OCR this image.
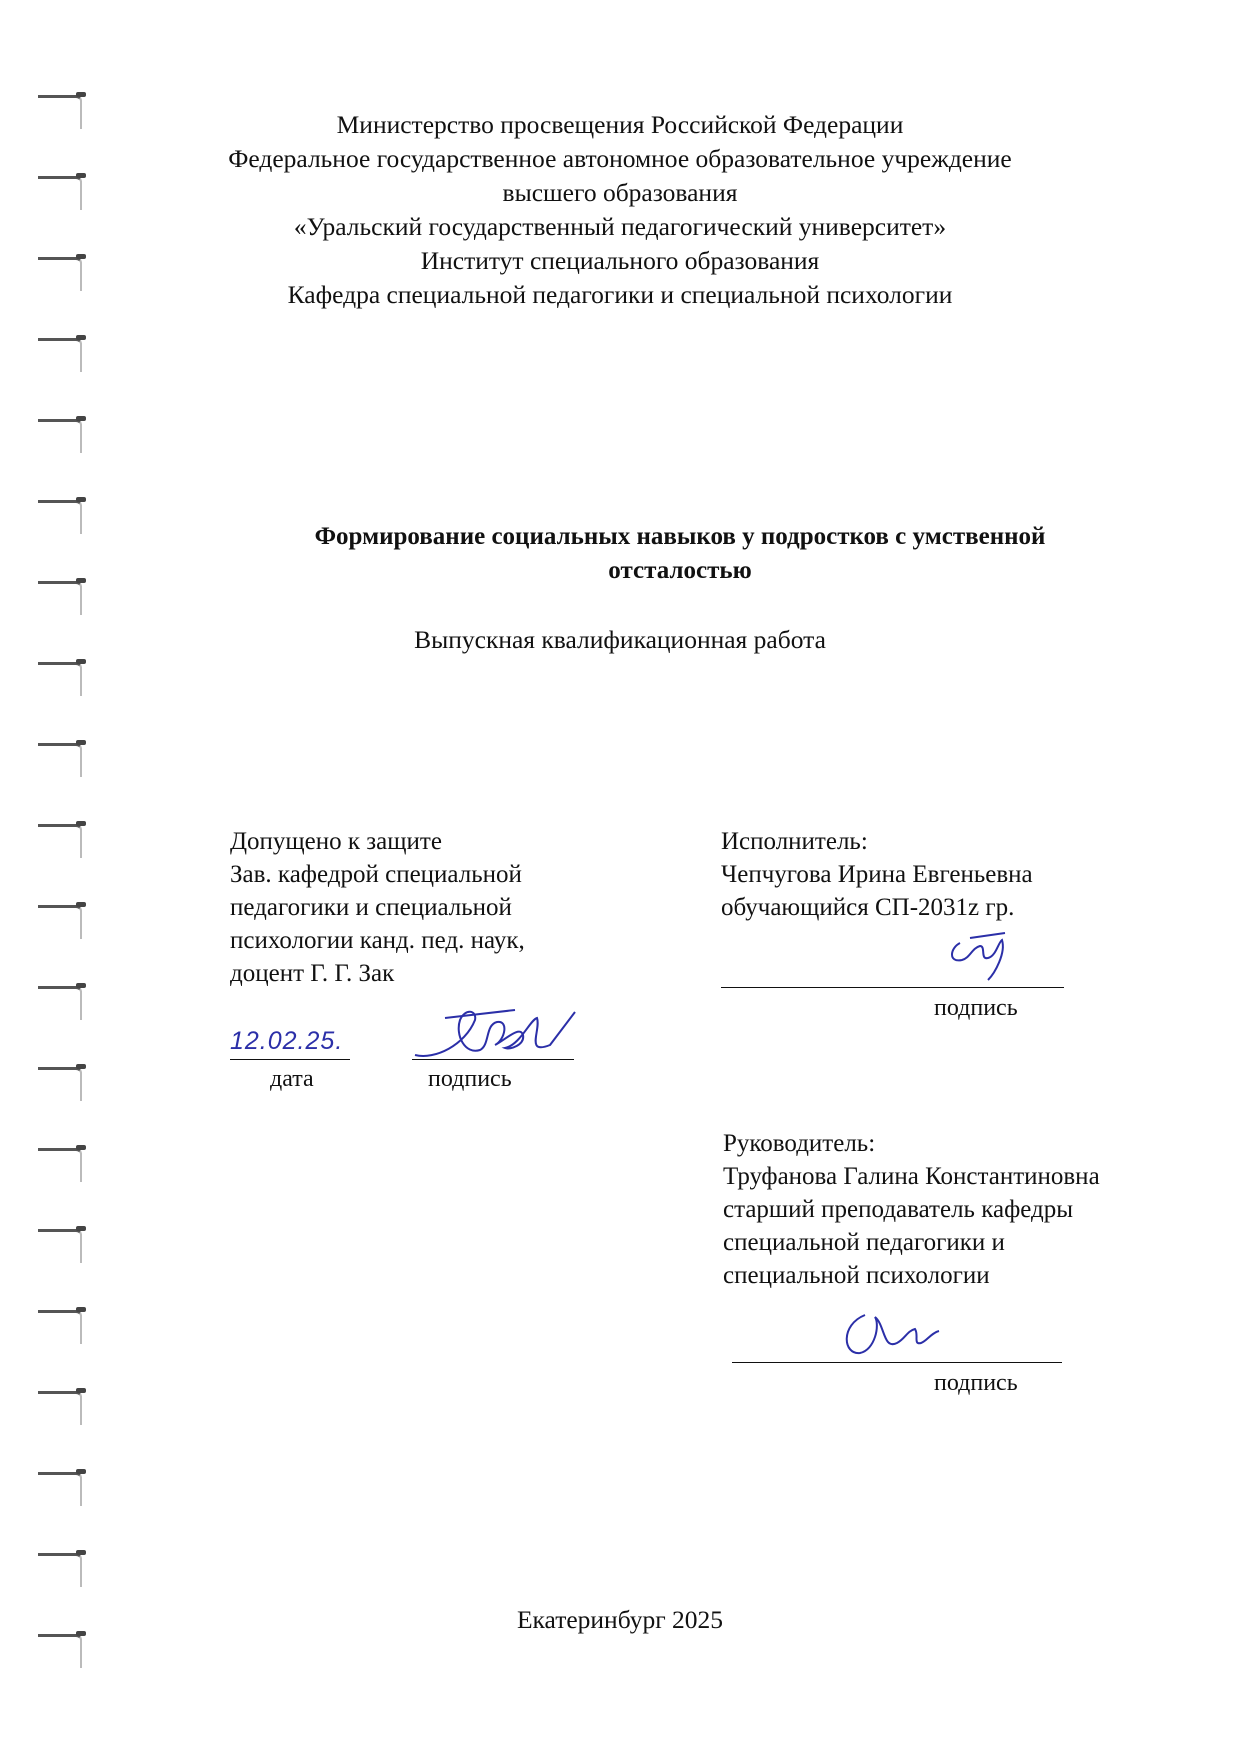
Министерство просвещения Российской Федерации
Федеральное государственное автономное образовательное учреждение
высшего образования
«Уральский государственный педагогический университет»
Институт специального образования
Кафедра специальной педагогики и специальной психологии
Формирование социальных навыков у подростков с умственной
отсталостью
Выпускная квалификационная работа
Допущено к защите
Зав. кафедрой специальной
педагогики и специальной
психологии канд. пед. наук,
доцент Г. Г. Зак
12.02.25.
дата	подпись
Исполнитель:
Чепчугова Ирина Евгеньевна
обучающийся СП-2031z гр.
подпись
Руководитель:
Труфанова Галина Константиновна
старший преподаватель кафедры
специальной педагогики и
специальной психологии
подпись
Екатеринбург 2025
